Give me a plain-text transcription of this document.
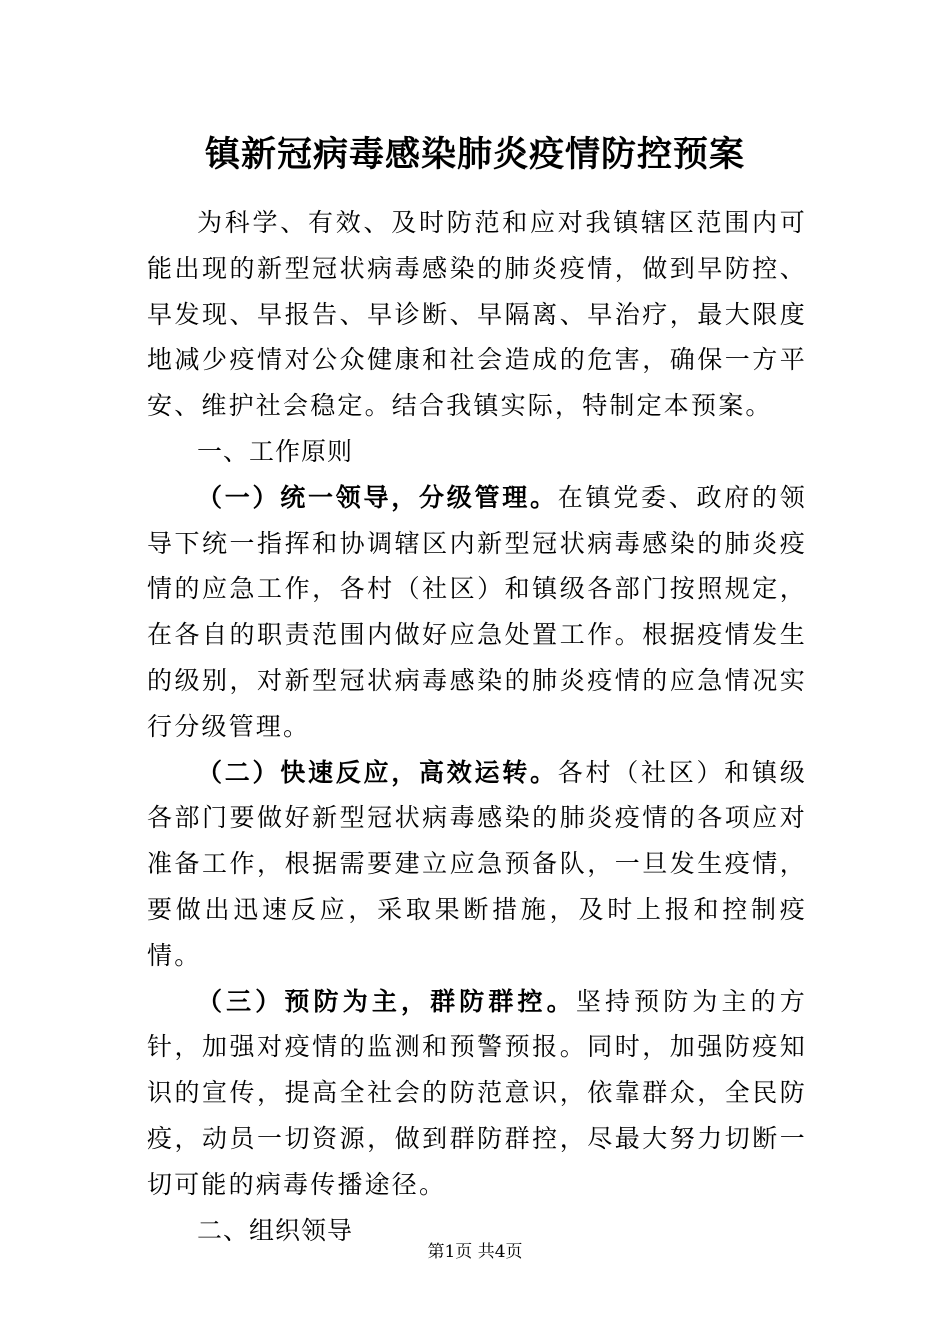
镇新冠病毒感染肺炎疫情防控预案

为科学、有效、及时防范和应对我镇辖区范围内可能出现的新型冠状病毒感染的肺炎疫情，做到早防控、早发现、早报告、早诊断、早隔离、早治疗，最大限度地减少疫情对公众健康和社会造成的危害，确保一方平安、维护社会稳定。结合我镇实际，特制定本预案。

一、工作原则

（一）统一领导，分级管理。在镇党委、政府的领导下统一指挥和协调辖区内新型冠状病毒感染的肺炎疫情的应急工作，各村（社区）和镇级各部门按照规定，在各自的职责范围内做好应急处置工作。根据疫情发生的级别，对新型冠状病毒感染的肺炎疫情的应急情况实行分级管理。

（二）快速反应，高效运转。各村（社区）和镇级各部门要做好新型冠状病毒感染的肺炎疫情的各项应对准备工作，根据需要建立应急预备队，一旦发生疫情，要做出迅速反应，采取果断措施，及时上报和控制疫情。

（三）预防为主，群防群控。坚持预防为主的方针，加强对疫情的监测和预警预报。同时，加强防疫知识的宣传，提高全社会的防范意识，依靠群众，全民防疫，动员一切资源，做到群防群控，尽最大努力切断一切可能的病毒传播途径。

二、组织领导

第1页 共4页
